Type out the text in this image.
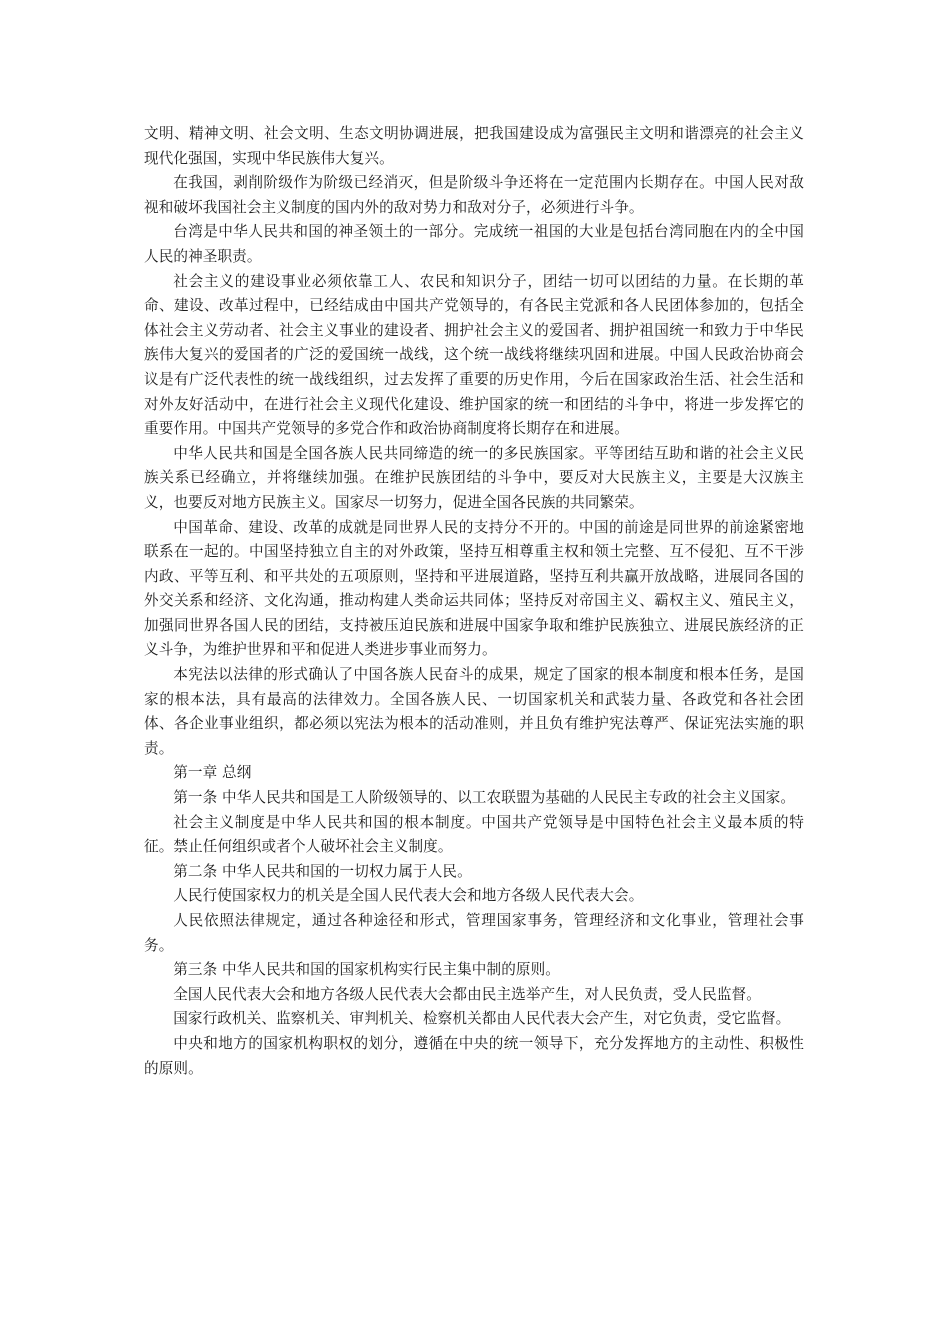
文明、精神文明、社会文明、生态文明协调进展，把我国建设成为富强民主文明和谐漂亮的社会主义现代化强国，实现中华民族伟大复兴。

在我国，剥削阶级作为阶级已经消灭，但是阶级斗争还将在一定范围内长期存在。中国人民对敌视和破坏我国社会主义制度的国内外的敌对势力和敌对分子，必须进行斗争。

台湾是中华人民共和国的神圣领土的一部分。完成统一祖国的大业是包括台湾同胞在内的全中国人民的神圣职责。

社会主义的建设事业必须依靠工人、农民和知识分子，团结一切可以团结的力量。在长期的革命、建设、改革过程中，已经结成由中国共产党领导的，有各民主党派和各人民团体参加的，包括全体社会主义劳动者、社会主义事业的建设者、拥护社会主义的爱国者、拥护祖国统一和致力于中华民族伟大复兴的爱国者的广泛的爱国统一战线，这个统一战线将继续巩固和进展。中国人民政治协商会议是有广泛代表性的统一战线组织，过去发挥了重要的历史作用，今后在国家政治生活、社会生活和对外友好活动中，在进行社会主义现代化建设、维护国家的统一和团结的斗争中，将进一步发挥它的重要作用。中国共产党领导的多党合作和政治协商制度将长期存在和进展。

中华人民共和国是全国各族人民共同缔造的统一的多民族国家。平等团结互助和谐的社会主义民族关系已经确立，并将继续加强。在维护民族团结的斗争中，要反对大民族主义，主要是大汉族主义，也要反对地方民族主义。国家尽一切努力，促进全国各民族的共同繁荣。

中国革命、建设、改革的成就是同世界人民的支持分不开的。中国的前途是同世界的前途紧密地联系在一起的。中国坚持独立自主的对外政策，坚持互相尊重主权和领土完整、互不侵犯、互不干涉内政、平等互利、和平共处的五项原则，坚持和平进展道路，坚持互利共赢开放战略，进展同各国的外交关系和经济、文化沟通，推动构建人类命运共同体；坚持反对帝国主义、霸权主义、殖民主义，加强同世界各国人民的团结，支持被压迫民族和进展中国家争取和维护民族独立、进展民族经济的正义斗争，为维护世界和平和促进人类进步事业而努力。

本宪法以法律的形式确认了中国各族人民奋斗的成果，规定了国家的根本制度和根本任务，是国家的根本法，具有最高的法律效力。全国各族人民、一切国家机关和武装力量、各政党和各社会团体、各企业事业组织，都必须以宪法为根本的活动准则，并且负有维护宪法尊严、保证宪法实施的职责。

第一章 总纲

第一条 中华人民共和国是工人阶级领导的、以工农联盟为基础的人民民主专政的社会主义国家。

社会主义制度是中华人民共和国的根本制度。中国共产党领导是中国特色社会主义最本质的特征。禁止任何组织或者个人破坏社会主义制度。

第二条 中华人民共和国的一切权力属于人民。

人民行使国家权力的机关是全国人民代表大会和地方各级人民代表大会。

人民依照法律规定，通过各种途径和形式，管理国家事务，管理经济和文化事业，管理社会事务。

第三条 中华人民共和国的国家机构实行民主集中制的原则。

全国人民代表大会和地方各级人民代表大会都由民主选举产生，对人民负责，受人民监督。

国家行政机关、监察机关、审判机关、检察机关都由人民代表大会产生，对它负责，受它监督。

中央和地方的国家机构职权的划分，遵循在中央的统一领导下，充分发挥地方的主动性、积极性的原则。
